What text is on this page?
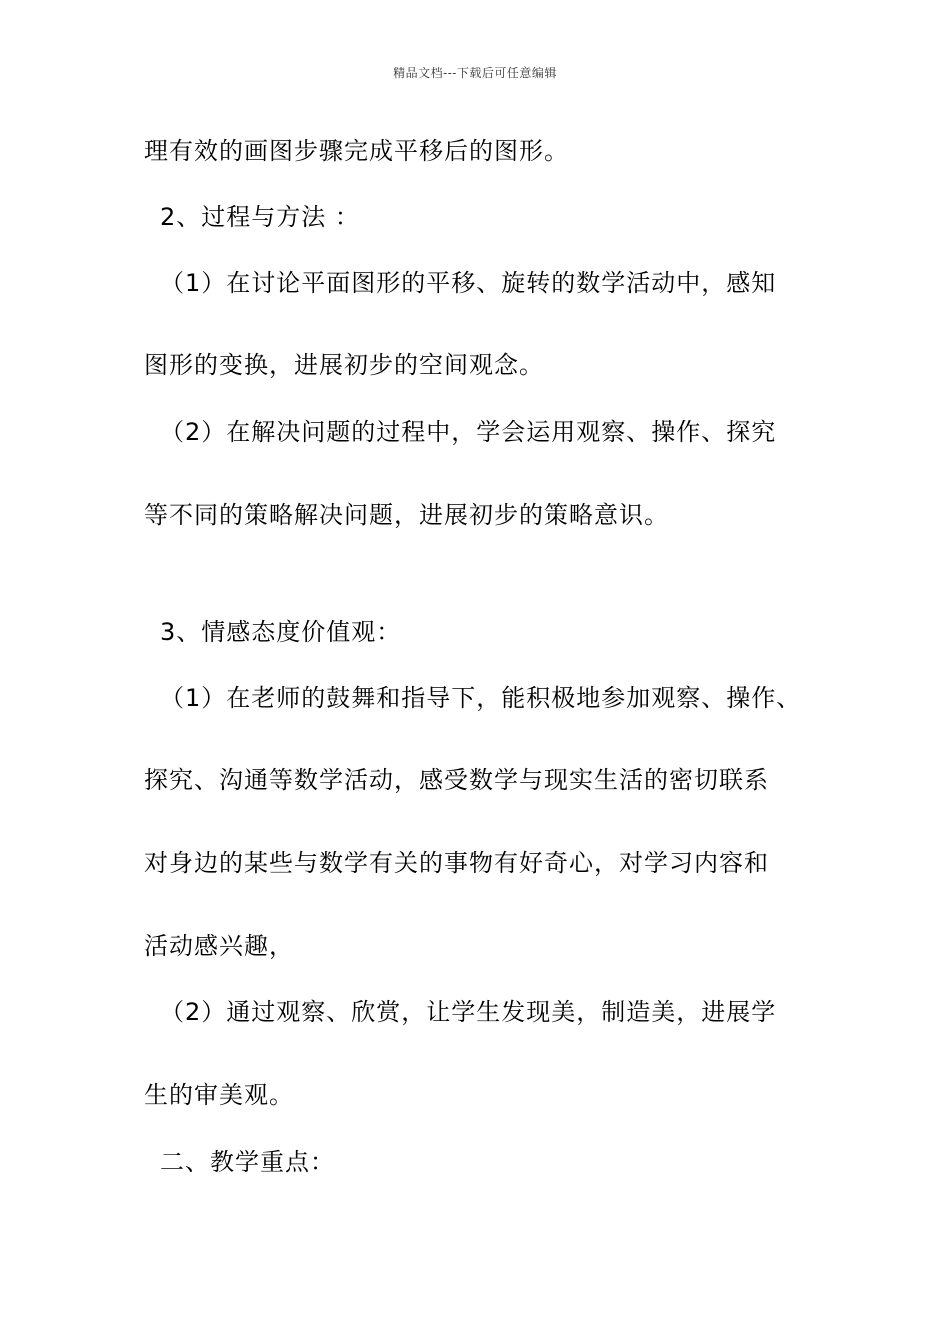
精品文档---下载后可任意编辑
理有效的画图步骤完成平移后的图形。
2、过程与方法 ：
（1）在讨论平面图形的平移、旋转的数学活动中，感知
图形的变换，进展初步的空间观念。
（2）在解决问题的过程中，学会运用观察、操作、探究
等不同的策略解决问题，进展初步的策略意识。
3、情感态度价值观：
（1）在老师的鼓舞和指导下，能积极地参加观察、操作、
探究、沟通等数学活动，感受数学与现实生活的密切联系
对身边的某些与数学有关的事物有好奇心，对学习内容和
活动感兴趣，
（2）通过观察、欣赏，让学生发现美，制造美，进展学
生的审美观。
二、教学重点：
